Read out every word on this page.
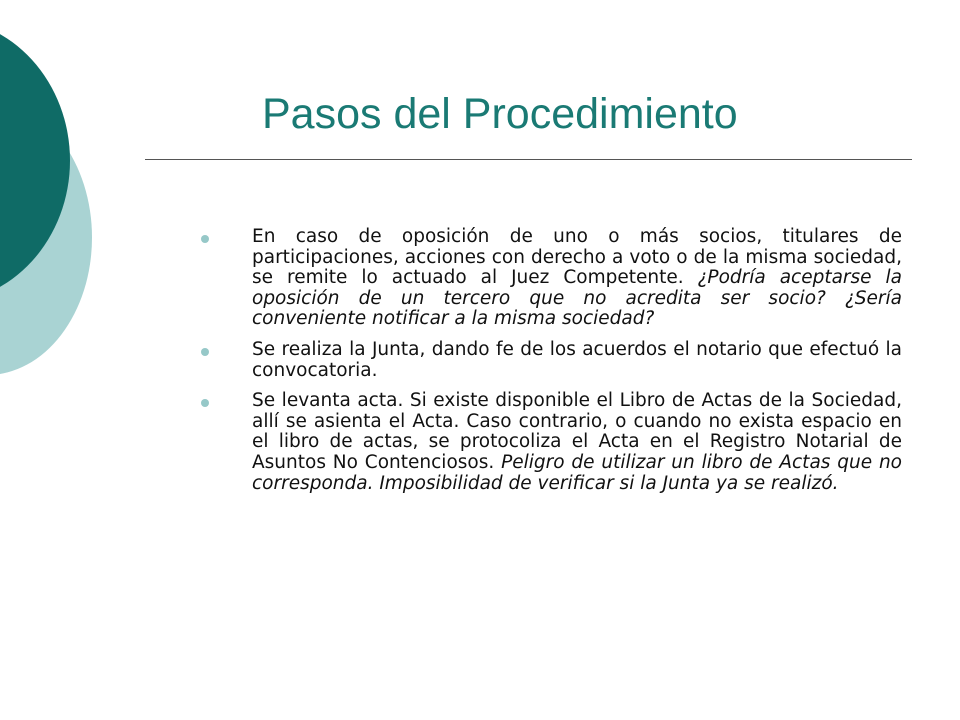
Pasos del Procedimiento
En caso de oposición de uno o más socios, titulares de participaciones, acciones con derecho a voto o de la misma sociedad, se remite lo actuado al Juez Competente. ¿Podría aceptarse la oposición de un tercero que no acredita ser socio? ¿Sería conveniente notificar a la misma sociedad?
Se realiza la Junta, dando fe de los acuerdos el notario que efectuó la convocatoria.
Se levanta acta. Si existe disponible el Libro de Actas de la Sociedad, allí se asienta el Acta. Caso contrario, o cuando no exista espacio en el libro de actas, se protocoliza el Acta en el Registro Notarial de Asuntos No Contenciosos. Peligro de utilizar un libro de Actas que no corresponda. Imposibilidad de verificar si la Junta ya se realizó.
